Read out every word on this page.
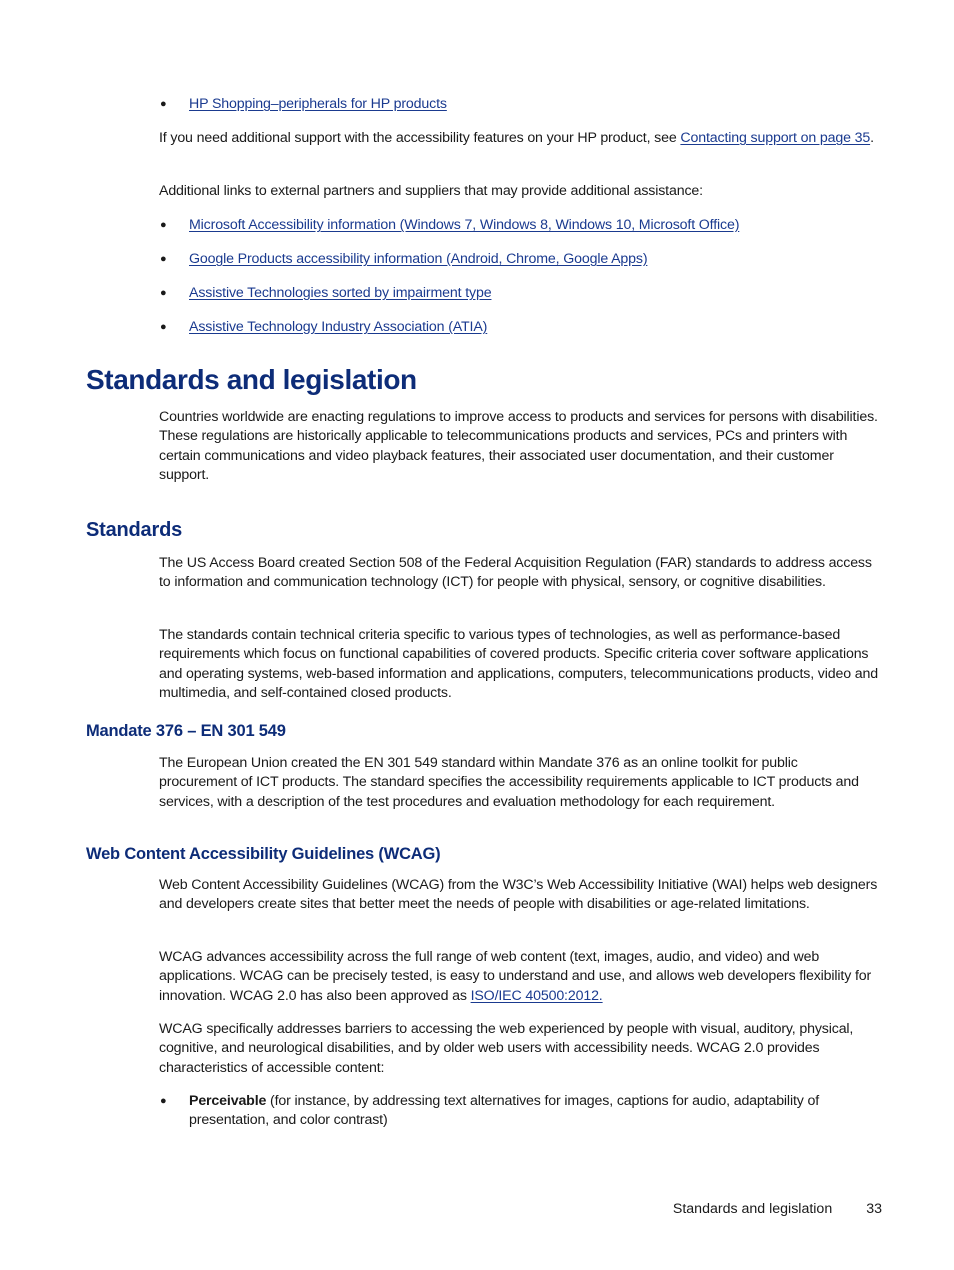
●	HP Shopping–peripherals for HP products

If you need additional support with the accessibility features on your HP product, see Contacting support on page 35.

Additional links to external partners and suppliers that may provide additional assistance:

●	Microsoft Accessibility information (Windows 7, Windows 8, Windows 10, Microsoft Office)
●	Google Products accessibility information (Android, Chrome, Google Apps)
●	Assistive Technologies sorted by impairment type
●	Assistive Technology Industry Association (ATIA)
Standards and legislation

Countries worldwide are enacting regulations to improve access to products and services for persons with disabilities. These regulations are historically applicable to telecommunications products and services, PCs and printers with certain communications and video playback features, their associated user documentation, and their customer support.

Standards

The US Access Board created Section 508 of the Federal Acquisition Regulation (FAR) standards to address access to information and communication technology (ICT) for people with physical, sensory, or cognitive disabilities.

The standards contain technical criteria specific to various types of technologies, as well as performance-based requirements which focus on functional capabilities of covered products. Specific criteria cover software applications and operating systems, web-based information and applications, computers, telecommunications products, video and multimedia, and self-contained closed products.

Mandate 376 – EN 301 549

The European Union created the EN 301 549 standard within Mandate 376 as an online toolkit for public procurement of ICT products. The standard specifies the accessibility requirements applicable to ICT products and services, with a description of the test procedures and evaluation methodology for each requirement.

Web Content Accessibility Guidelines (WCAG)

Web Content Accessibility Guidelines (WCAG) from the W3C’s Web Accessibility Initiative (WAI) helps web designers and developers create sites that better meet the needs of people with disabilities or age-related limitations.

WCAG advances accessibility across the full range of web content (text, images, audio, and video) and web applications. WCAG can be precisely tested, is easy to understand and use, and allows web developers flexibility for innovation. WCAG 2.0 has also been approved as ISO/IEC 40500:2012.

WCAG specifically addresses barriers to accessing the web experienced by people with visual, auditory, physical, cognitive, and neurological disabilities, and by older web users with accessibility needs. WCAG 2.0 provides characteristics of accessible content:

●	Perceivable (for instance, by addressing text alternatives for images, captions for audio, adaptability of presentation, and color contrast)
Standards and legislation 33
